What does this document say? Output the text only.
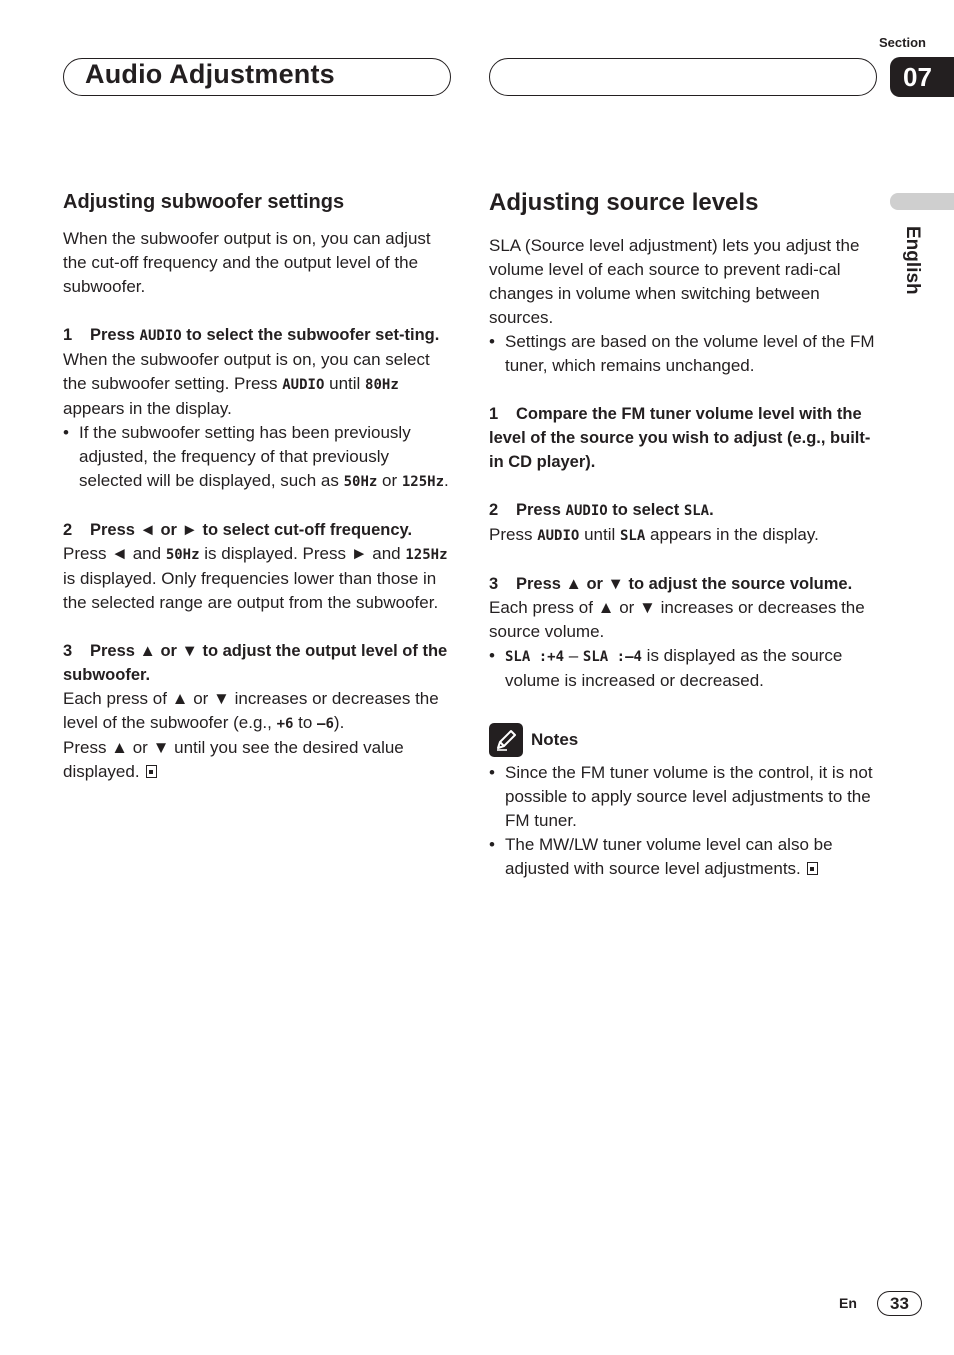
Audio Adjustments
Section
07
English
Adjusting subwoofer settings

When the subwoofer output is on, you can adjust the cut-off frequency and the output level of the subwoofer.

1 Press AUDIO to select the subwoofer set-ting.

When the subwoofer output is on, you can select the subwoofer setting. Press AUDIO until 80Hz appears in the display.

• If the subwoofer setting has been previously adjusted, the frequency of that previously selected will be displayed, such as 50Hz or 125Hz.

2 Press ◄ or ► to select cut-off frequency.

Press ◄ and 50Hz is displayed. Press ► and 125Hz is displayed. Only frequencies lower than those in the selected range are output from the subwoofer.

3 Press ▲ or ▼ to adjust the output level of the subwoofer.

Each press of ▲ or ▼ increases or decreases the level of the subwoofer (e.g., +6 to –6).

Press ▲ or ▼ until you see the desired value displayed.

Adjusting source levels

SLA (Source level adjustment) lets you adjust the volume level of each source to prevent radi-cal changes in volume when switching between sources.

• Settings are based on the volume level of the FM tuner, which remains unchanged.

1 Compare the FM tuner volume level with the level of the source you wish to adjust (e.g., built-in CD player).
2 Press AUDIO to select SLA.

Press AUDIO until SLA appears in the display.

3 Press ▲ or ▼ to adjust the source volume.

Each press of ▲ or ▼ increases or decreases the source volume.

• SLA :+4 – SLA :–4 is displayed as the source volume is increased or decreased.

Notes

• Since the FM tuner volume is the control, it is not possible to apply source level adjustments to the FM tuner.

• The MW/LW tuner volume level can also be adjusted with source level adjustments.

En	33
